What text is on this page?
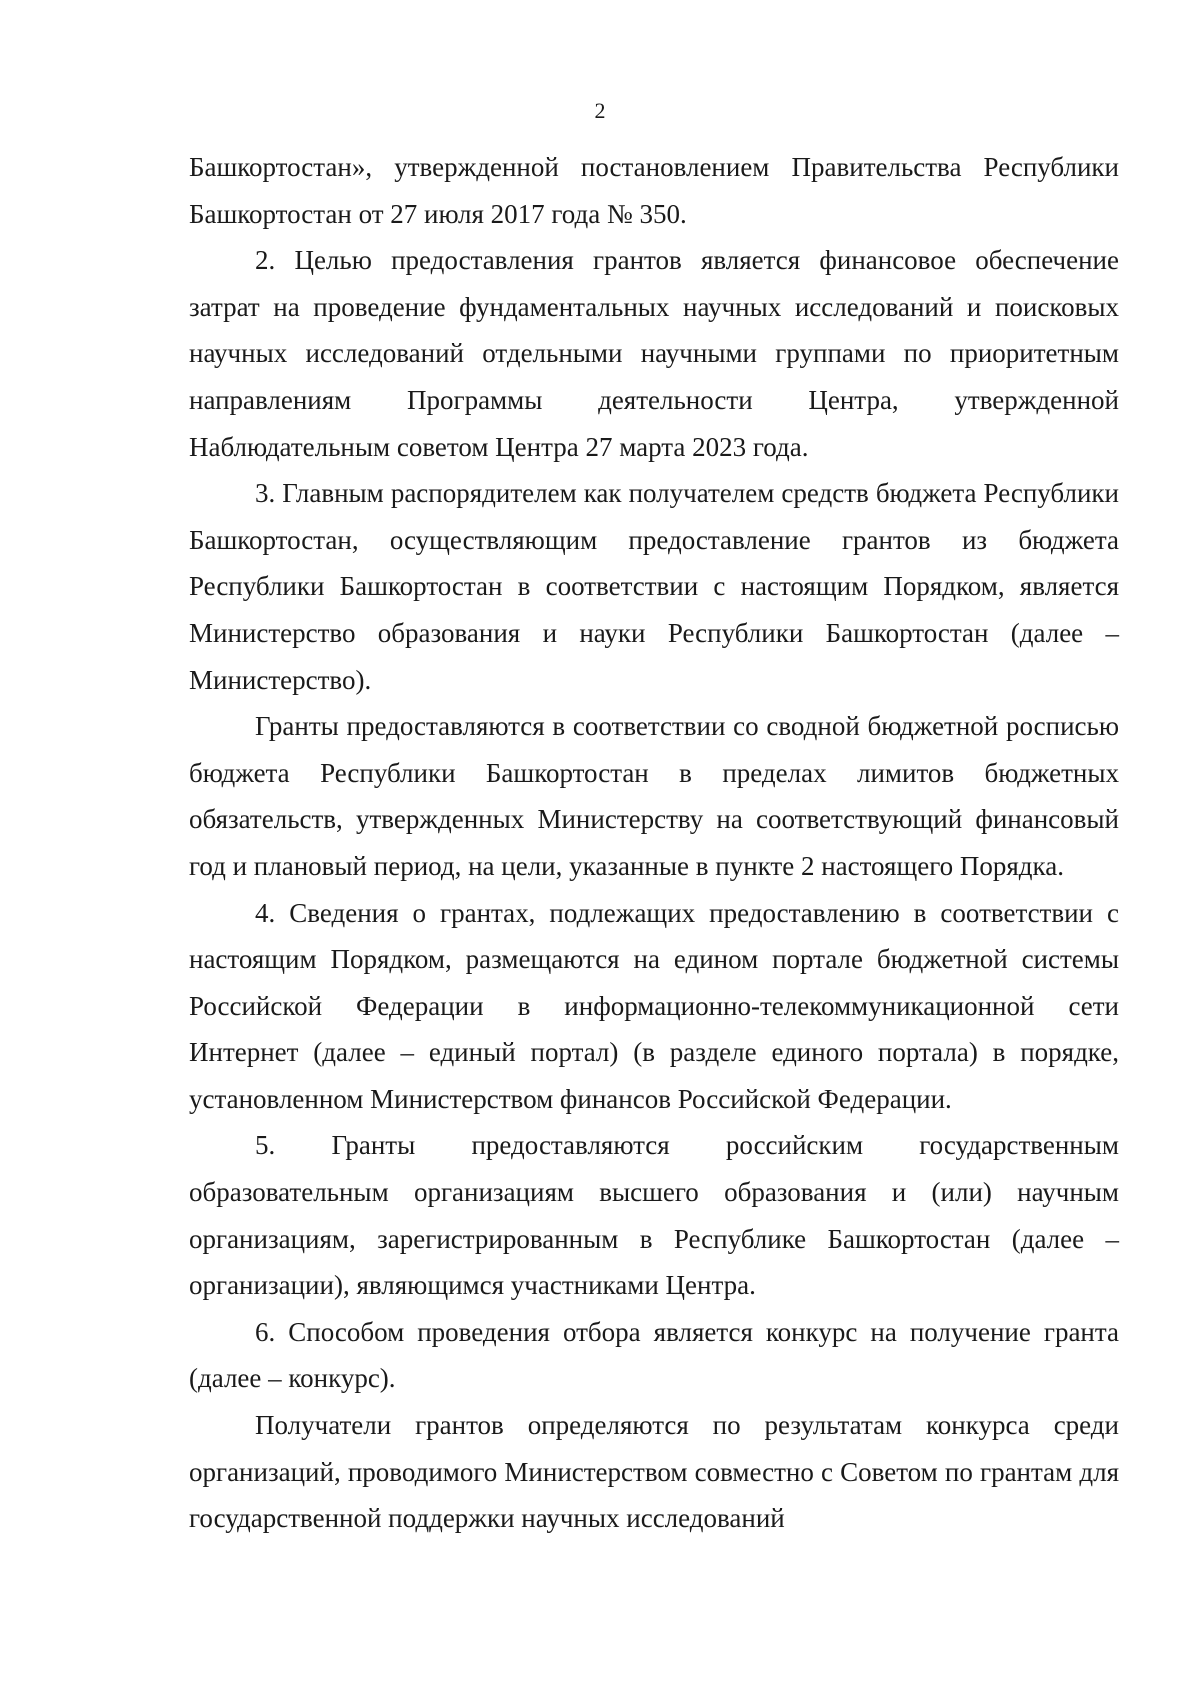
2

Башкортостан», утвержденной постановлением Правительства Республики Башкортостан от 27 июля 2017 года № 350.

2. Целью предоставления грантов является финансовое обеспечение затрат на проведение фундаментальных научных исследований и поисковых научных исследований отдельными научными группами по приоритетным направлениям Программы деятельности Центра, утвержденной Наблюдательным советом Центра 27 марта 2023 года.

3. Главным распорядителем как получателем средств бюджета Республики Башкортостан, осуществляющим предоставление грантов из бюджета Республики Башкортостан в соответствии с настоящим Порядком, является Министерство образования и науки Республики Башкортостан (далее – Министерство).

Гранты предоставляются в соответствии со сводной бюджетной росписью бюджета Республики Башкортостан в пределах лимитов бюджетных обязательств, утвержденных Министерству на соответствующий финансовый год и плановый период, на цели, указанные в пункте 2 настоящего Порядка.

4. Сведения о грантах, подлежащих предоставлению в соответствии с настоящим Порядком, размещаются на едином портале бюджетной системы Российской Федерации в информационно-телекоммуникационной сети Интернет (далее – единый портал) (в разделе единого портала) в порядке, установленном Министерством финансов Российской Федерации.

5. Гранты предоставляются российским государственным образовательным организациям высшего образования и (или) научным организациям, зарегистрированным в Республике Башкортостан (далее – организации), являющимся участниками Центра.

6. Способом проведения отбора является конкурс на получение гранта (далее – конкурс).

Получатели грантов определяются по результатам конкурса среди организаций, проводимого Министерством совместно с Советом по грантам для государственной поддержки научных исследований
